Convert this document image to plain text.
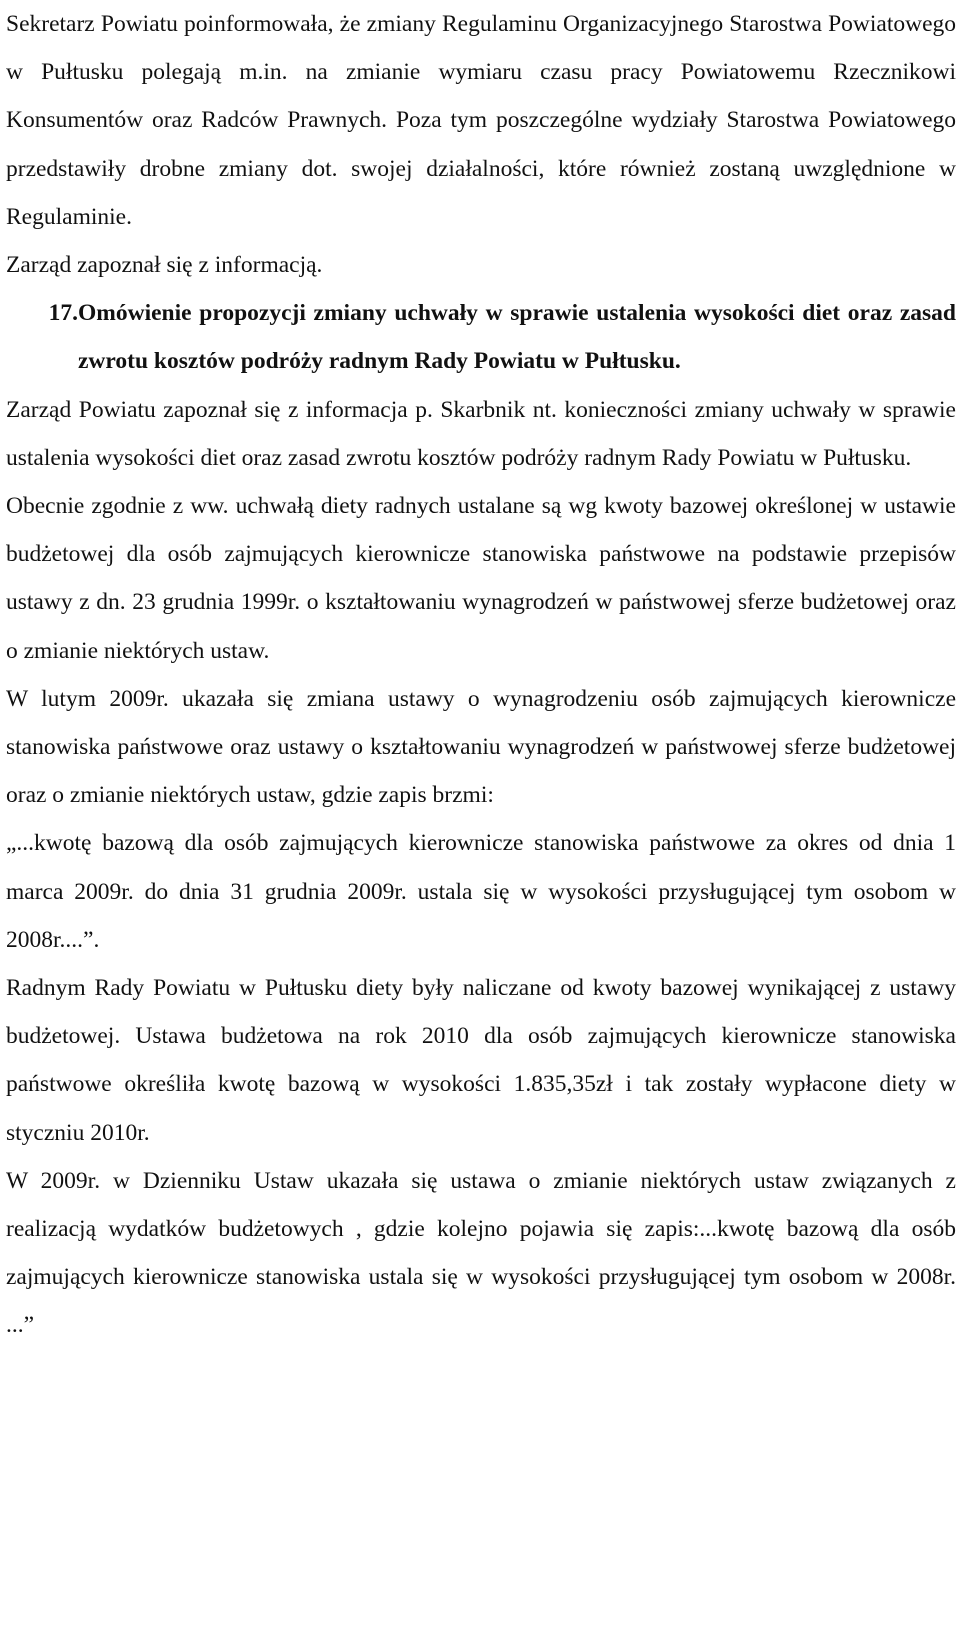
Sekretarz Powiatu poinformowała, że zmiany Regulaminu Organizacyjnego Starostwa Powiatowego w Pułtusku polegają m.in. na zmianie wymiaru czasu pracy Powiatowemu Rzecznikowi Konsumentów oraz Radców Prawnych. Poza tym poszczególne wydziały Starostwa Powiatowego przedstawiły drobne zmiany dot. swojej działalności, które również zostaną uwzględnione w Regulaminie.

Zarząd zapoznał się z informacją.

17. Omówienie propozycji zmiany uchwały w sprawie ustalenia wysokości diet oraz zasad zwrotu kosztów podróży radnym Rady Powiatu w Pułtusku.

Zarząd Powiatu zapoznał się z informacja p. Skarbnik nt. konieczności zmiany uchwały w sprawie ustalenia wysokości diet oraz zasad zwrotu kosztów podróży radnym Rady Powiatu w Pułtusku.

Obecnie zgodnie z ww. uchwałą diety radnych ustalane są wg kwoty bazowej określonej w ustawie budżetowej dla osób zajmujących kierownicze stanowiska państwowe na podstawie przepisów ustawy z dn. 23 grudnia 1999r. o kształtowaniu wynagrodzeń w państwowej sferze budżetowej oraz o zmianie niektórych ustaw.

W lutym 2009r. ukazała się zmiana ustawy o wynagrodzeniu osób zajmujących kierownicze stanowiska państwowe oraz ustawy o kształtowaniu wynagrodzeń w państwowej sferze budżetowej oraz o zmianie niektórych ustaw, gdzie zapis brzmi:

„...kwotę bazową dla osób zajmujących kierownicze stanowiska państwowe za okres od dnia 1 marca 2009r. do dnia 31 grudnia 2009r. ustala się w wysokości przysługującej tym osobom w 2008r....”.

Radnym Rady Powiatu w Pułtusku diety były naliczane od kwoty bazowej wynikającej z ustawy budżetowej. Ustawa budżetowa na rok 2010 dla osób zajmujących kierownicze stanowiska państwowe określiła kwotę bazową w wysokości 1.835,35zł i tak zostały wypłacone diety w styczniu 2010r.

W 2009r. w Dzienniku Ustaw ukazała się ustawa o zmianie niektórych ustaw związanych z realizacją wydatków budżetowych , gdzie kolejno pojawia się zapis:...kwotę bazową dla osób zajmujących kierownicze stanowiska ustala się w wysokości przysługującej tym osobom w 2008r. ...”
